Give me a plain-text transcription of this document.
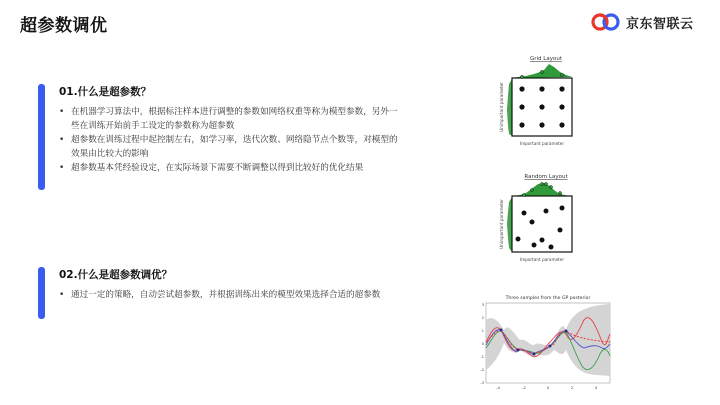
超参数调优	京东智联云
01.什么是超参数？
• 在机器学习算法中，根据标注样本进行调整的参数如网络权重等称为模型参数，另外一些在训练开始前手工设定的参数称为超参数
• 超参数在训练过程中起控制左右，如学习率，迭代次数、网络隐节点个数等，对模型的效果由比较大的影响
• 超参数基本凭经验设定，在实际场景下需要不断调整以得到比较好的优化结果
02.什么是超参数调优？
• 通过一定的策略，自动尝试超参数，并根据训练出来的模型效果选择合适的超参数
Grid Layout
Important parameter
Unimportant parameter
Random Layout
Important parameter
Unimportant parameter
Three samples from the GP posterior
-4	-2	0	2	4
3
2
1
0
-1
-2
-3
